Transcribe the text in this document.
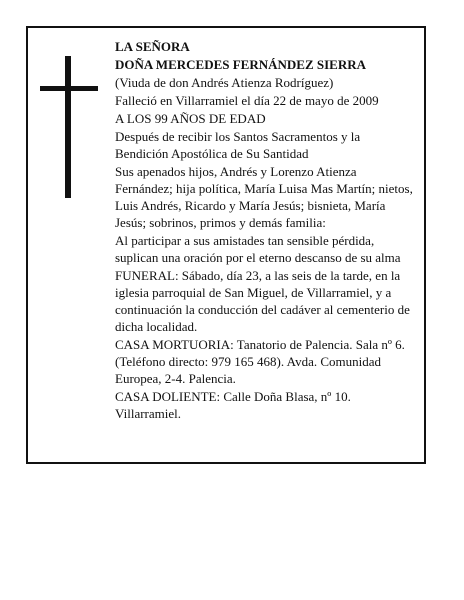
LA SEÑORA

DOÑA MERCEDES FERNÁNDEZ SIERRA

(Viuda de don Andrés Atienza Rodríguez)

Falleció en Villarramiel el día 22 de mayo de 2009

A LOS 99 AÑOS DE EDAD

Después de recibir los Santos Sacramentos y la Bendición Apostólica de Su Santidad

Sus apenados hijos, Andrés y Lorenzo Atienza Fernández; hija política, María Luisa Mas Martín; nietos, Luis Andrés, Ricardo y María Jesús; bisnieta, María Jesús; sobrinos, primos y demás familia:

Al participar a sus amistades tan sensible pérdida, suplican una oración por el eterno descanso de su alma

FUNERAL: Sábado, día 23, a las seis de la tarde, en la iglesia parroquial de San Miguel, de Villarramiel, y a continuación la conducción del cadáver al cementerio de dicha localidad.

CASA MORTUORIA: Tanatorio de Palencia. Sala nº 6. (Teléfono directo: 979 165 468). Avda. Comunidad Europea, 2-4. Palencia.

CASA DOLIENTE: Calle Doña Blasa, nº 10. Villarramiel.
